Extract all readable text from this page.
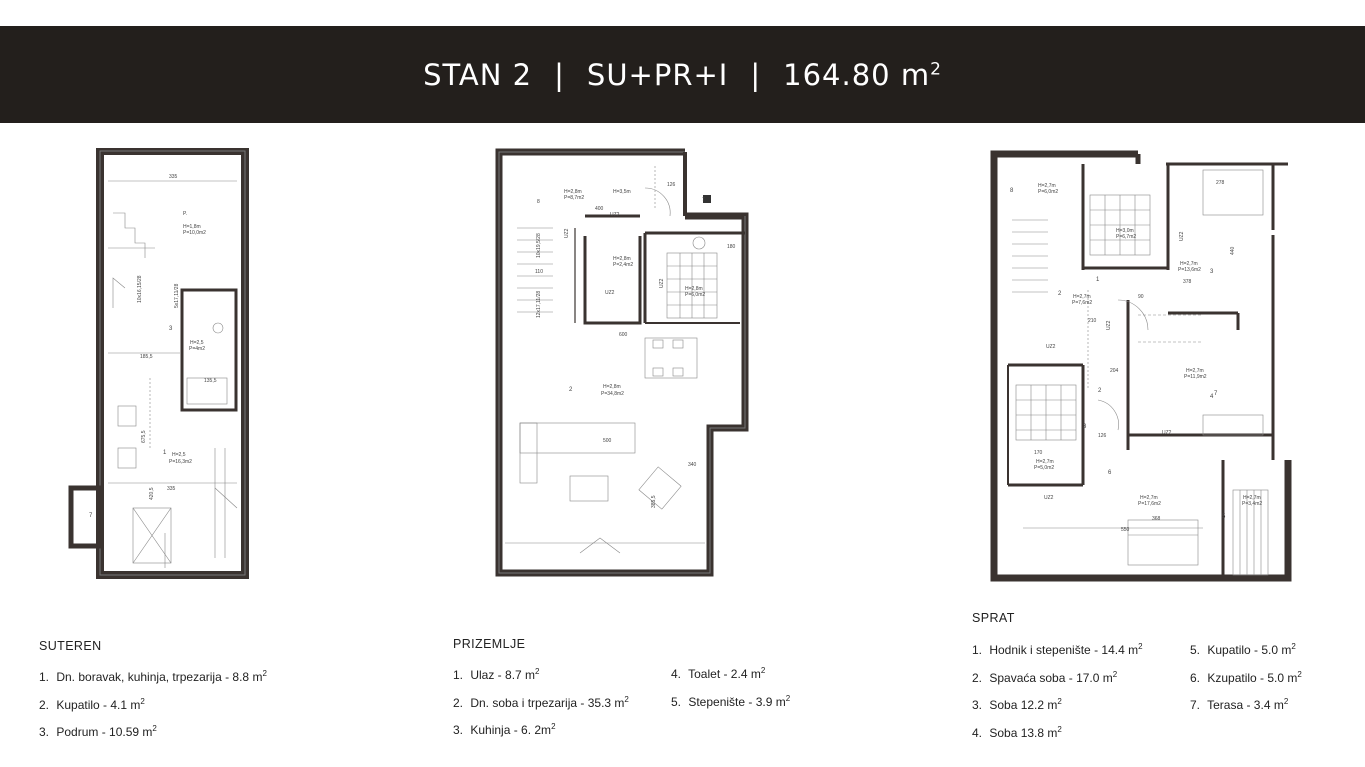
STAN 2 | SU+PR+I | 164.80 $m^2$
335
P.
H=1,8m
P=10,0m2
10x16,15/28	5x17,11/28
3
H=2,5
P=4m2
185,5
135,5
675,5
1 H=2,5
P=16,3m2
335
420,5
7
H=2,8m
P=8,7m2
H=3,5m
400
126
8
UZ2
UZ2
10x19,5/28
12x17,11/28
110
H=2,8m
P=2,4m2
UZ2
H=2,8m
P=6,0m2
UZ2
180
600
2	H=2,8m
P=34,8m2
500
340
385,5
7
H=2,7m
P=6,0m2
8
H=3,0m
P=6,7m2
278
UZ2
H=2,7m
P=13,6m2 3
440
378
1
2 H=2,7m
P=7,6m2
90
210 UZ2
UZ2
204	H=2,7m
P=11,9m2
4
2
3
UZ2
126
170
H=2,7m
P=5,0m2
6
UZ2	H=2,7m
P=17,6m2
368
550
H=2,7m
P=3,4m2
5
7
SUTEREN
1. Dn. boravak, kuhinja, trpezarija - 8.8 $m^2$
2. Kupatilo - 4.1 $m^2$
3. Podrum - 10.59 $m^2$
PRIZEMLJE
1. Ulaz - 8.7 $m^2$
2. Dn. soba i trpezarija - 35.3 $m^2$
3. Kuhinja - 6. $2m^2$
4. Toalet - 2.4 $m^2$
5. Stepenište - 3.9 $m^2$
SPRAT
1. Hodnik i stepenište - 14.4 $m^2$
2. Spavaća soba - 17.0 $m^2$
3. Soba 12.2 $m^2$
4. Soba 13.8 $m^2$
5. Kupatilo - 5.0 $m^2$
6. Kzupatilo - 5.0 $m^2$
7. Terasa - 3.4 $m^2$
